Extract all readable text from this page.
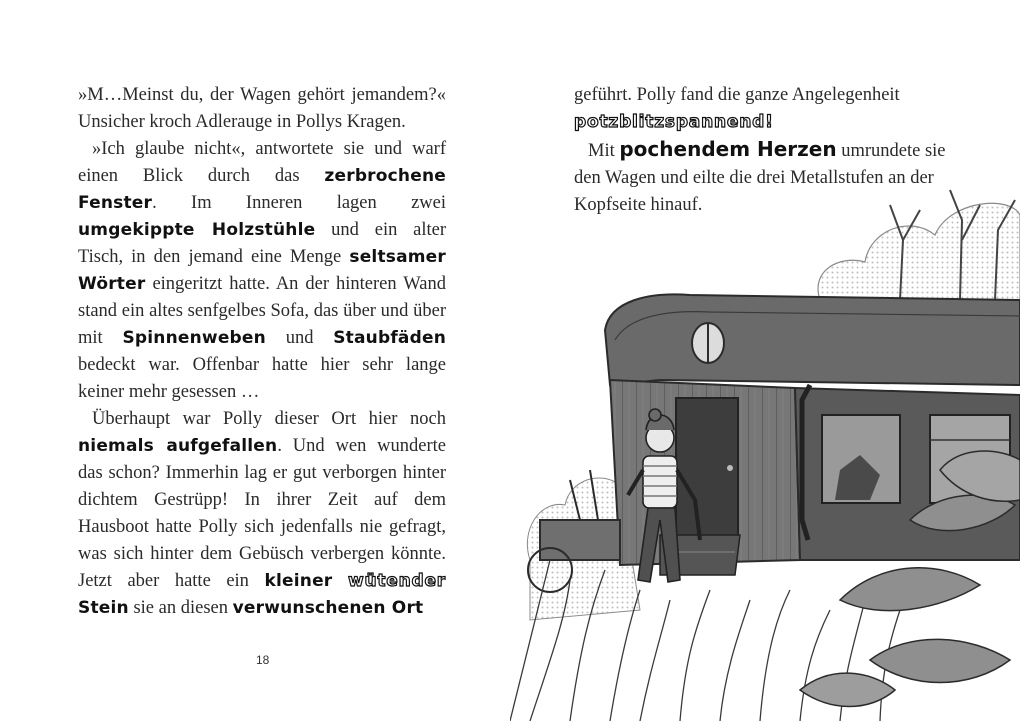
»M…Meinst du, der Wagen gehört jemandem?« Unsicher kroch Adlerauge in Pollys Kragen.

»Ich glaube nicht«, antwortete sie und warf einen Blick durch das zerbrochene Fenster. Im Inneren lagen zwei umgekippte Holzstühle und ein alter Tisch, in den jemand eine Menge seltsamer Wörter eingeritzt hatte. An der hinteren Wand stand ein altes senfgelbes Sofa, das über und über mit Spinnenweben und Staubfäden bedeckt war. Offenbar hatte hier sehr lange keiner mehr gesessen …

Überhaupt war Polly dieser Ort hier noch niemals aufgefallen. Und wen wunderte das schon? Immerhin lag er gut verborgen hinter dichtem Gestrüpp! In ihrer Zeit auf dem Hausboot hatte Polly sich jedenfalls nie gefragt, was sich hinter dem Gebüsch verbergen könnte. Jetzt aber hatte ein kleiner wütender Stein sie an diesen verwunschenen Ort

18

geführt. Polly fand die ganze Angelegenheit potzblitzspannend!

Mit pochendem Herzen umrundete sie den Wagen und eilte die drei Metallstufen an der Kopfseite hinauf.
